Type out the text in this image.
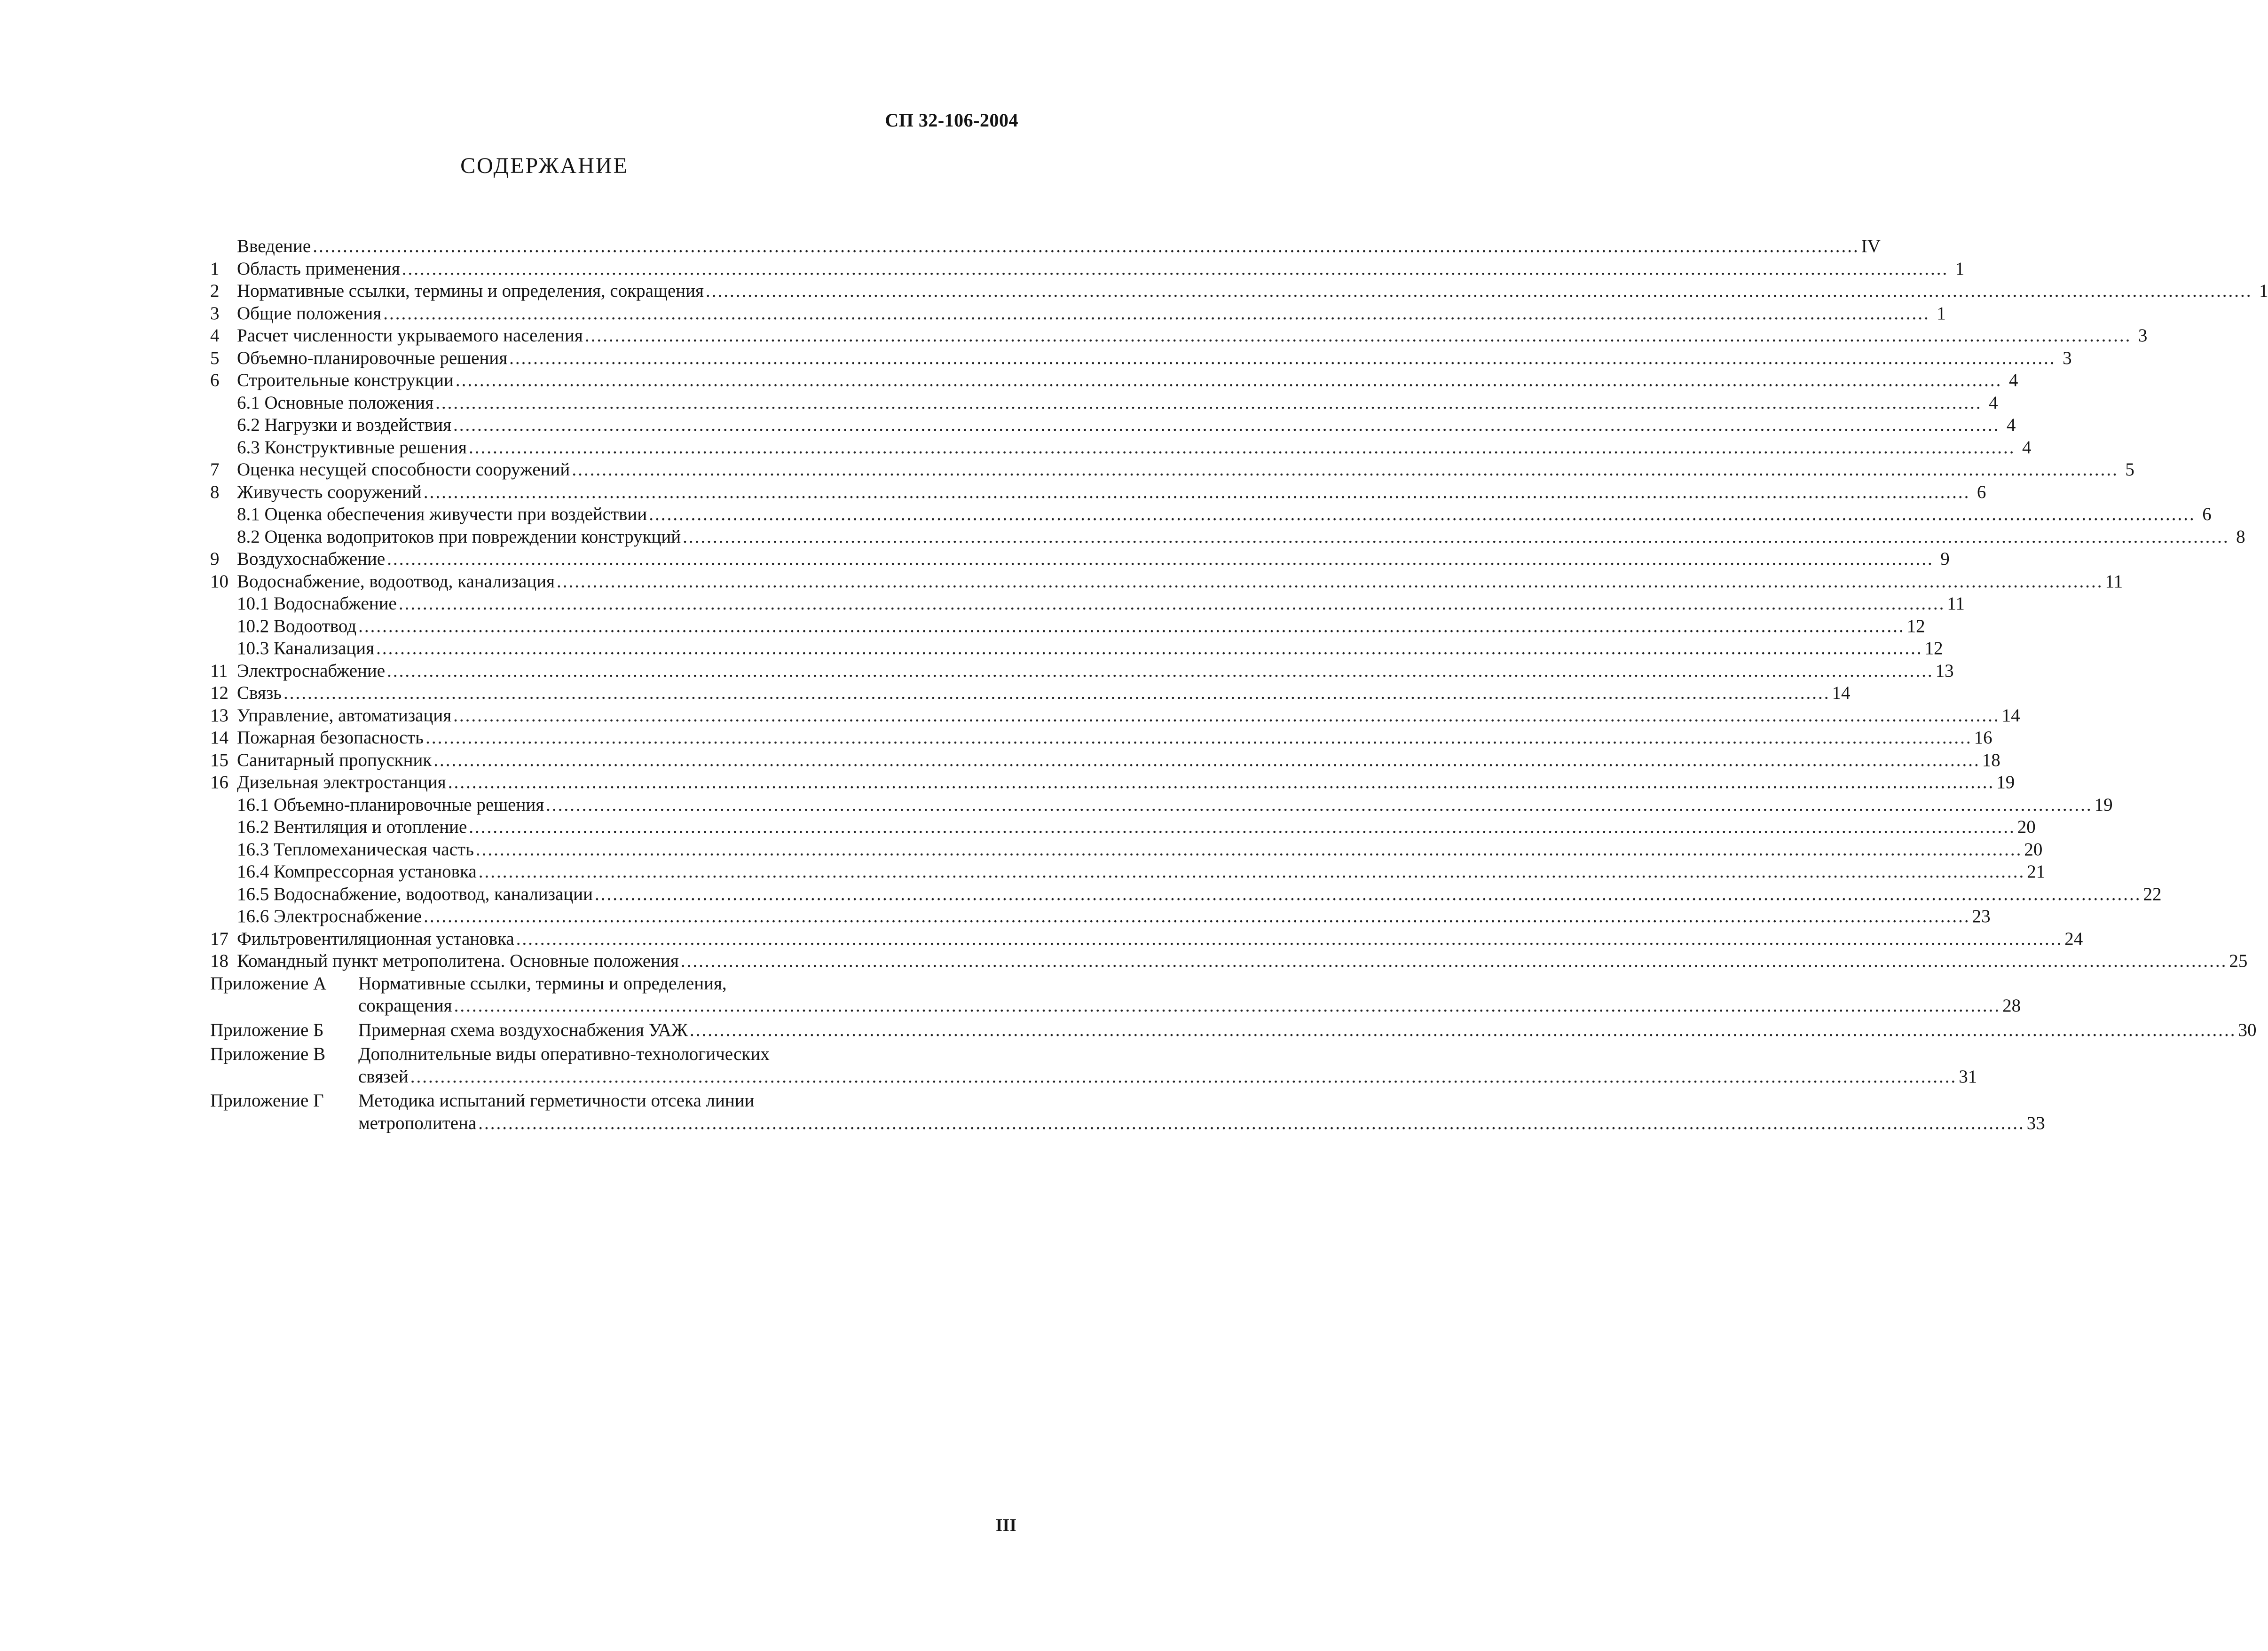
СП 32-106-2004
СОДЕРЖАНИЕ
Введение .....	IV
1 Область применения .....	1
2 Нормативные ссылки, термины и определения, сокращения .....	1
3 Общие положения .....	1
4 Расчет численности укрываемого населения .....	3
5 Объемно-планировочные решения .....	3
6 Строительные конструкции .....	4
6.1 Основные положения .....	4
6.2 Нагрузки и воздействия .....	4
6.3 Конструктивные решения .....	4
7 Оценка несущей способности сооружений .....	5
8 Живучесть сооружений .....	6
8.1 Оценка обеспечения живучести при воздействии .....	6
8.2 Оценка водопритоков при повреждении конструкций .....	8
9 Воздухоснабжение .....	9
10 Водоснабжение, водоотвод, канализация .....	11
10.1 Водоснабжение .....	11
10.2 Водоотвод .....	12
10.3 Канализация .....	12
11 Электроснабжение .....	13
12 Связь .....	14
13 Управление, автоматизация .....	14
14 Пожарная безопасность .....	16
15 Санитарный пропускник .....	18
16 Дизельная электростанция .....	19
16.1 Объемно-планировочные решения .....	19
16.2 Вентиляция и отопление .....	20
16.3 Тепломеханическая часть .....	20
16.4 Компрессорная установка .....	21
16.5 Водоснабжение, водоотвод, канализации .....	22
16.6 Электроснабжение .....	23
17 Фильтровентиляционная установка .....	24
18 Командный пункт метрополитена. Основные положения .....	25
Приложение А	Нормативные ссылки, термины и определения,
сокращения .....	28
Приложение Б	Примерная схема воздухоснабжения УАЖ .....	30
Приложение В	Дополнительные виды оперативно-технологических
связей .....	31
Приложение Г	Методика испытаний герметичности отсека линии
метрополитена .....	33
III
